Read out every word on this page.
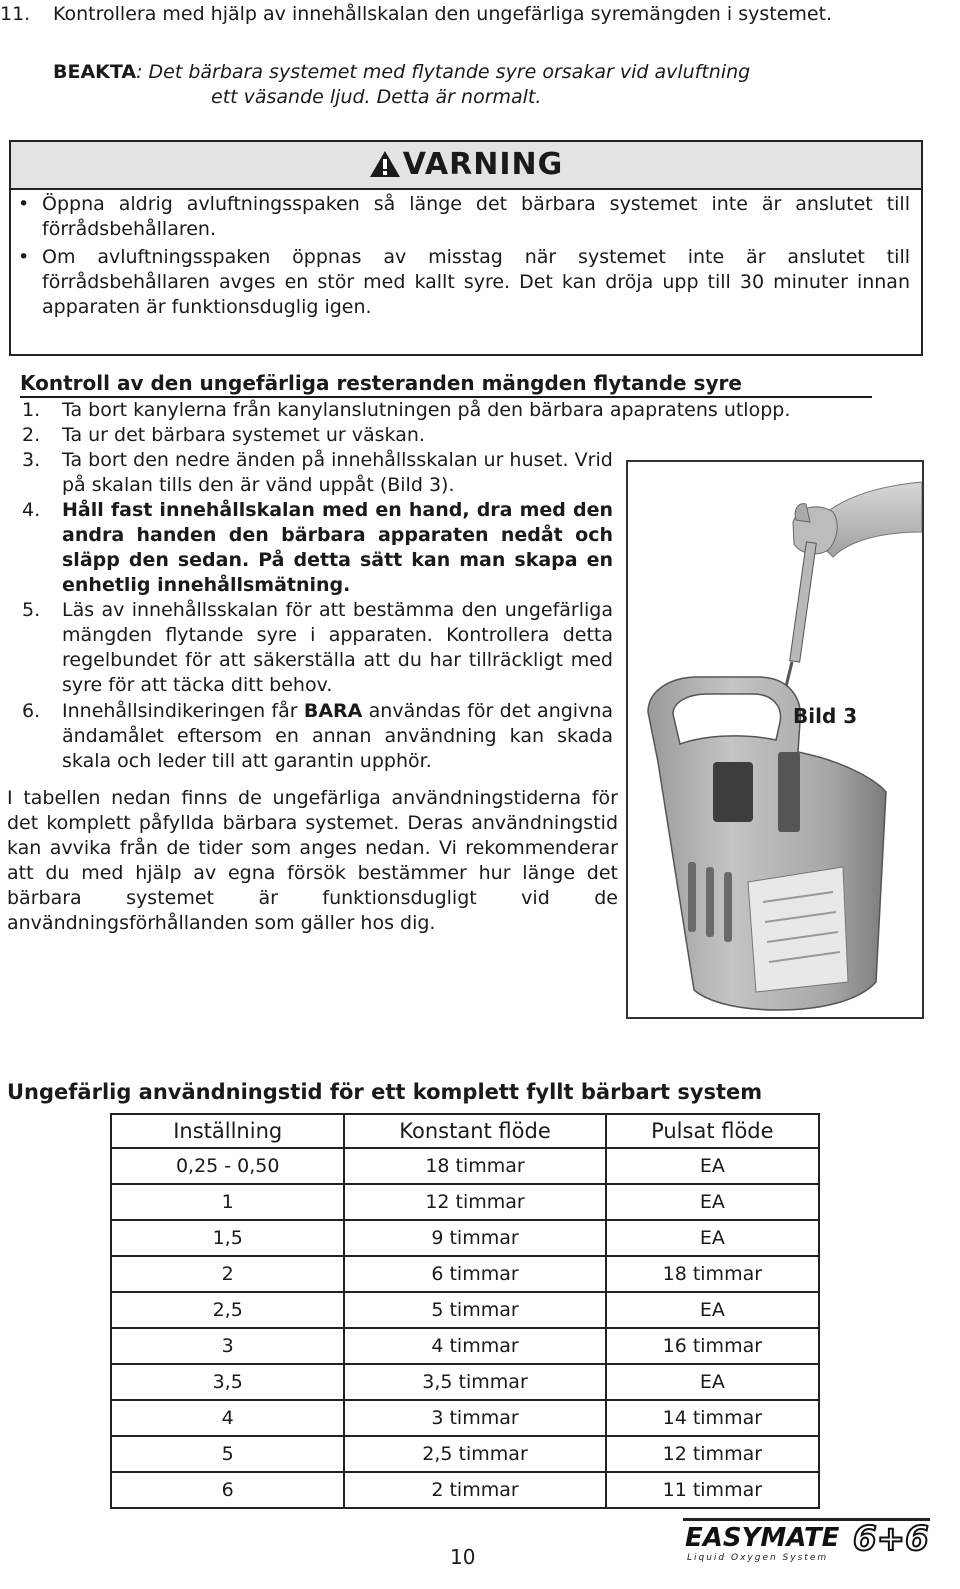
11. Kontrollera med hjälp av innehållskalan den ungefärliga syremängden i systemet.
BEAKTA: Det bärbara systemet med flytande syre orsakar vid avluftning
ett väsande ljud. Detta är normalt.
VARNING
• Öppna aldrig avluftningsspaken så länge det bärbara systemet inte är anslutet till förrådsbehållaren.
• Om avluftningsspaken öppnas av misstag när systemet inte är anslutet till förrådsbehållaren avges en stör med kallt syre. Det kan dröja upp till 30 minuter innan apparaten är funktionsduglig igen.
Kontroll av den ungefärliga resteranden mängden flytande syre
1. Ta bort kanylerna från kanylanslutningen på den bärbara apapratens utlopp.
2. Ta ur det bärbara systemet ur väskan.
3. Ta bort den nedre änden på innehållsskalan ur huset. Vrid på skalan tills den är vänd uppåt (Bild 3).
4. Håll fast innehållskalan med en hand, dra med den andra handen den bärbara apparaten nedåt och släpp den sedan. På detta sätt kan man skapa en enhetlig innehållsmätning.
5. Läs av innehållsskalan för att bestämma den ungefärliga mängden flytande syre i apparaten. Kontrollera detta regelbundet för att säkerställa att du har tillräckligt med syre för att täcka ditt behov.
6. Innehållsindikeringen får BARA användas för det angivna ändamålet eftersom en annan användning kan skada skala och leder till att garantin upphör.
Bild 3
I tabellen nedan finns de ungefärliga användningstiderna för det komplett påfyllda bärbara systemet. Deras användningstid kan avvika från de tider som anges nedan. Vi rekommenderar att du med hjälp av egna försök bestämmer hur länge det bärbara systemet är funktionsdugligt vid de användningsförhållanden som gäller hos dig.
Ungefärlig användningstid för ett komplett fyllt bärbart system
Inställning	Konstant flöde	Pulsat flöde
0,25 - 0,50	18 timmar	EA
1	12 timmar	EA
1,5	9 timmar	EA
2	6 timmar	18 timmar
2,5	5 timmar	EA
3	4 timmar	16 timmar
3,5	3,5 timmar	EA
4	3 timmar	14 timmar
5	2,5 timmar	12 timmar
6	2 timmar	11 timmar
10
EASYMATE 6+6
Liquid Oxygen System
